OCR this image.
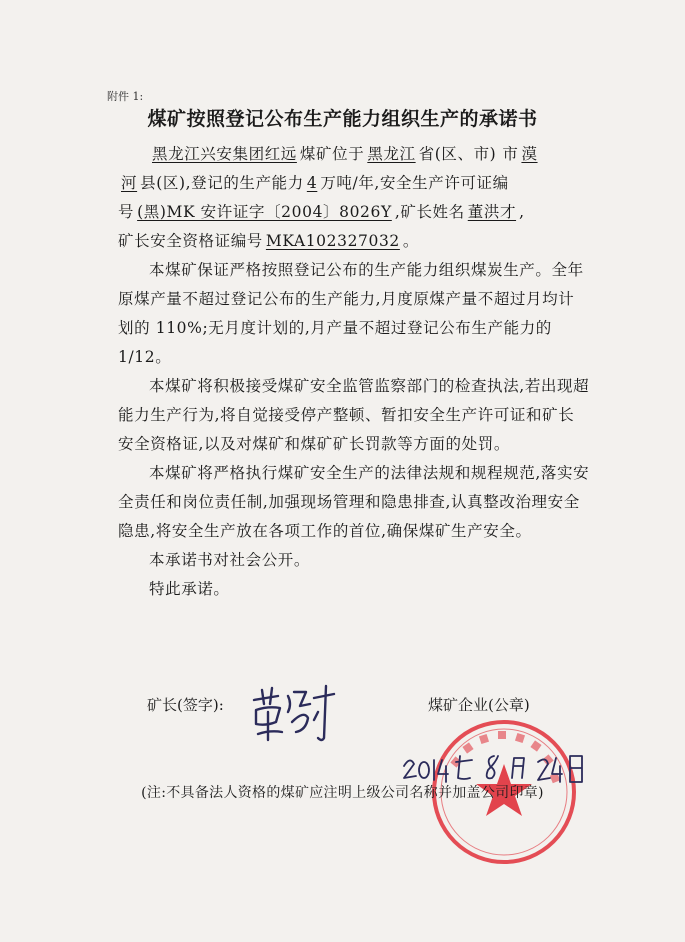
附件 1:
煤矿按照登记公布生产能力组织生产的承诺书
黑龙江兴安集团红远 煤矿位于 黑龙江 省(区、市) 市 漠
河 县(区),登记的生产能力 4 万吨/年,安全生产许可证编
号 (黑)MK 安许证字〔2004〕8026Y ,矿长姓名 董洪才 ,
矿长安全资格证编号 MKA102327032 。

本煤矿保证严格按照登记公布的生产能力组织煤炭生产。全年原煤产量不超过登记公布的生产能力,月度原煤产量不超过月均计划的 110%;无月度计划的,月产量不超过登记公布生产能力的 1/12。

本煤矿将积极接受煤矿安全监管监察部门的检查执法,若出现超能力生产行为,将自觉接受停产整顿、暂扣安全生产许可证和矿长安全资格证,以及对煤矿和煤矿矿长罚款等方面的处罚。

本煤矿将严格执行煤矿安全生产的法律法规和规程规范,落实安全责任和岗位责任制,加强现场管理和隐患排查,认真整改治理安全隐患,将安全生产放在各项工作的首位,确保煤矿生产安全。

本承诺书对社会公开。

特此承诺。

矿长(签字):	煤矿企业(公章)
(注:不具备法人资格的煤矿应注明上级公司名称并加盖公司印章)
